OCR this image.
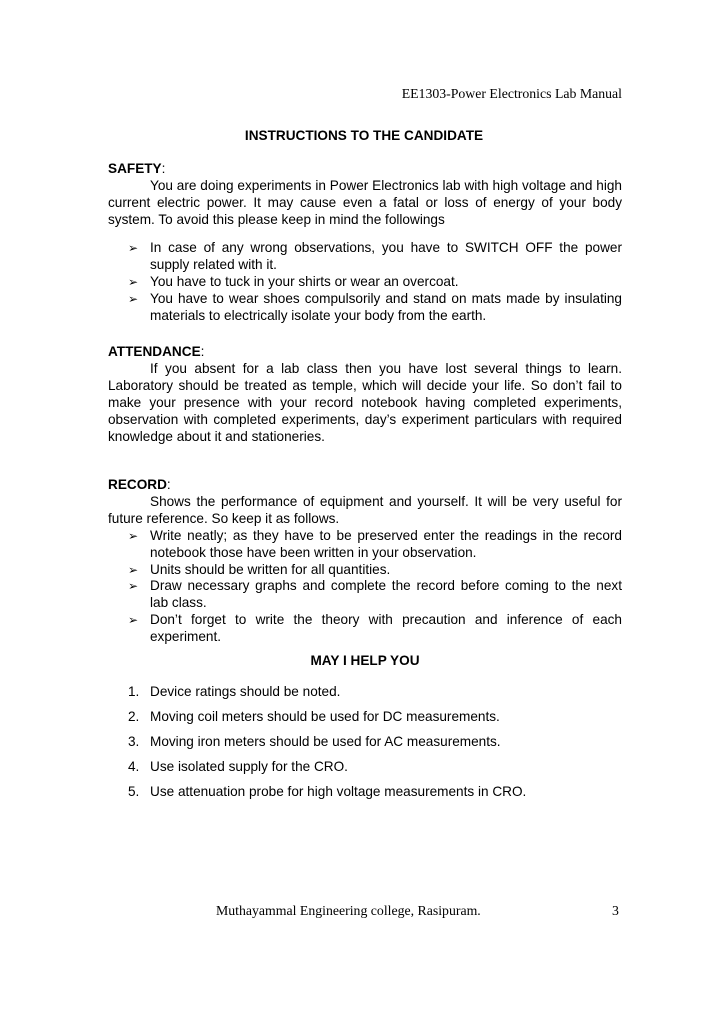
EE1303-Power Electronics Lab Manual
INSTRUCTIONS TO THE CANDIDATE
SAFETY:

You are doing experiments in Power Electronics lab with high voltage and high current electric power. It may cause even a fatal or loss of energy of your body system. To avoid this please keep in mind the followings

➢ In case of any wrong observations, you have to SWITCH OFF the power supply related with it.
➢ You have to tuck in your shirts or wear an overcoat.
➢ You have to wear shoes compulsorily and stand on mats made by insulating materials to electrically isolate your body from the earth.
ATTENDANCE:

If you absent for a lab class then you have lost several things to learn. Laboratory should be treated as temple, which will decide your life. So don’t fail to make your presence with your record notebook having completed experiments, observation with completed experiments, day’s experiment particulars with required knowledge about it and stationeries.

RECORD:

Shows the performance of equipment and yourself. It will be very useful for future reference. So keep it as follows.

➢ Write neatly; as they have to be preserved enter the readings in the record notebook those have been written in your observation.
➢ Units should be written for all quantities.
➢ Draw necessary graphs and complete the record before coming to the next lab class.
➢ Don’t forget to write the theory with precaution and inference of each experiment.
MAY I HELP YOU
1. Device ratings should be noted.
2. Moving coil meters should be used for DC measurements.
3. Moving iron meters should be used for AC measurements.
4. Use isolated supply for the CRO.
5. Use attenuation probe for high voltage measurements in CRO.
Muthayammal Engineering college, Rasipuram.	3
